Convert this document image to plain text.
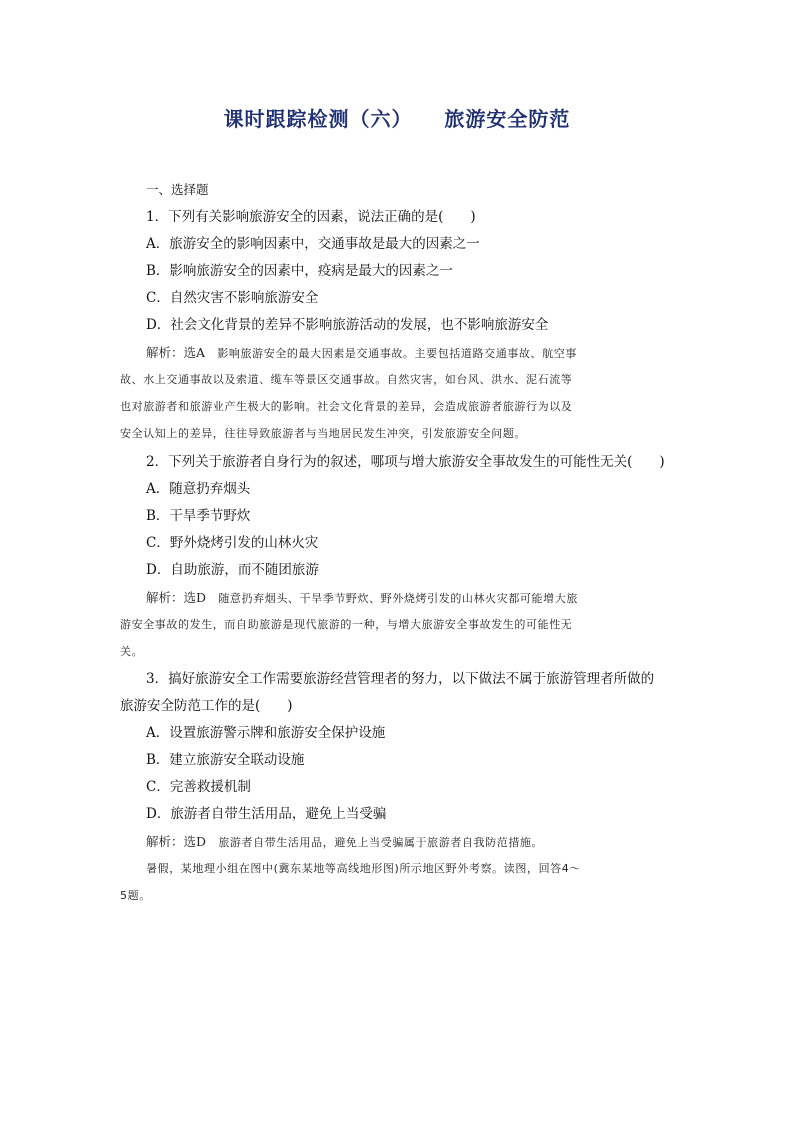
课时跟踪检测（六）    旅游安全防范
一、选择题
1．下列有关影响旅游安全的因素，说法正确的是(　　)
A．旅游安全的影响因素中，交通事故是最大的因素之一
B．影响旅游安全的因素中，疫病是最大的因素之一
C．自然灾害不影响旅游安全
D．社会文化背景的差异不影响旅游活动的发展，也不影响旅游安全
解析：选A 影响旅游安全的最大因素是交通事故。主要包括道路交通事故、航空事
故、水上交通事故以及索道、缆车等景区交通事故。自然灾害，如台风、洪水、泥石流等
也对旅游者和旅游业产生极大的影响。社会文化背景的差异，会造成旅游者旅游行为以及
安全认知上的差异，往往导致旅游者与当地居民发生冲突，引发旅游安全问题。
2．下列关于旅游者自身行为的叙述，哪项与增大旅游安全事故发生的可能性无关(　　)
A．随意扔弃烟头
B．干旱季节野炊
C．野外烧烤引发的山林火灾
D．自助旅游，而不随团旅游
解析：选D 随意扔弃烟头、干旱季节野炊、野外烧烤引发的山林火灾都可能增大旅
游安全事故的发生，而自助旅游是现代旅游的一种，与增大旅游安全事故发生的可能性无
关。
3．搞好旅游安全工作需要旅游经营管理者的努力，以下做法不属于旅游管理者所做的
旅游安全防范工作的是(　　)
A．设置旅游警示牌和旅游安全保护设施
B．建立旅游安全联动设施
C．完善救援机制
D．旅游者自带生活用品，避免上当受骗
解析：选D 旅游者自带生活用品，避免上当受骗属于旅游者自我防范措施。
暑假，某地理小组在图中(冀东某地等高线地形图)所示地区野外考察。读图，回答4～
5题。
